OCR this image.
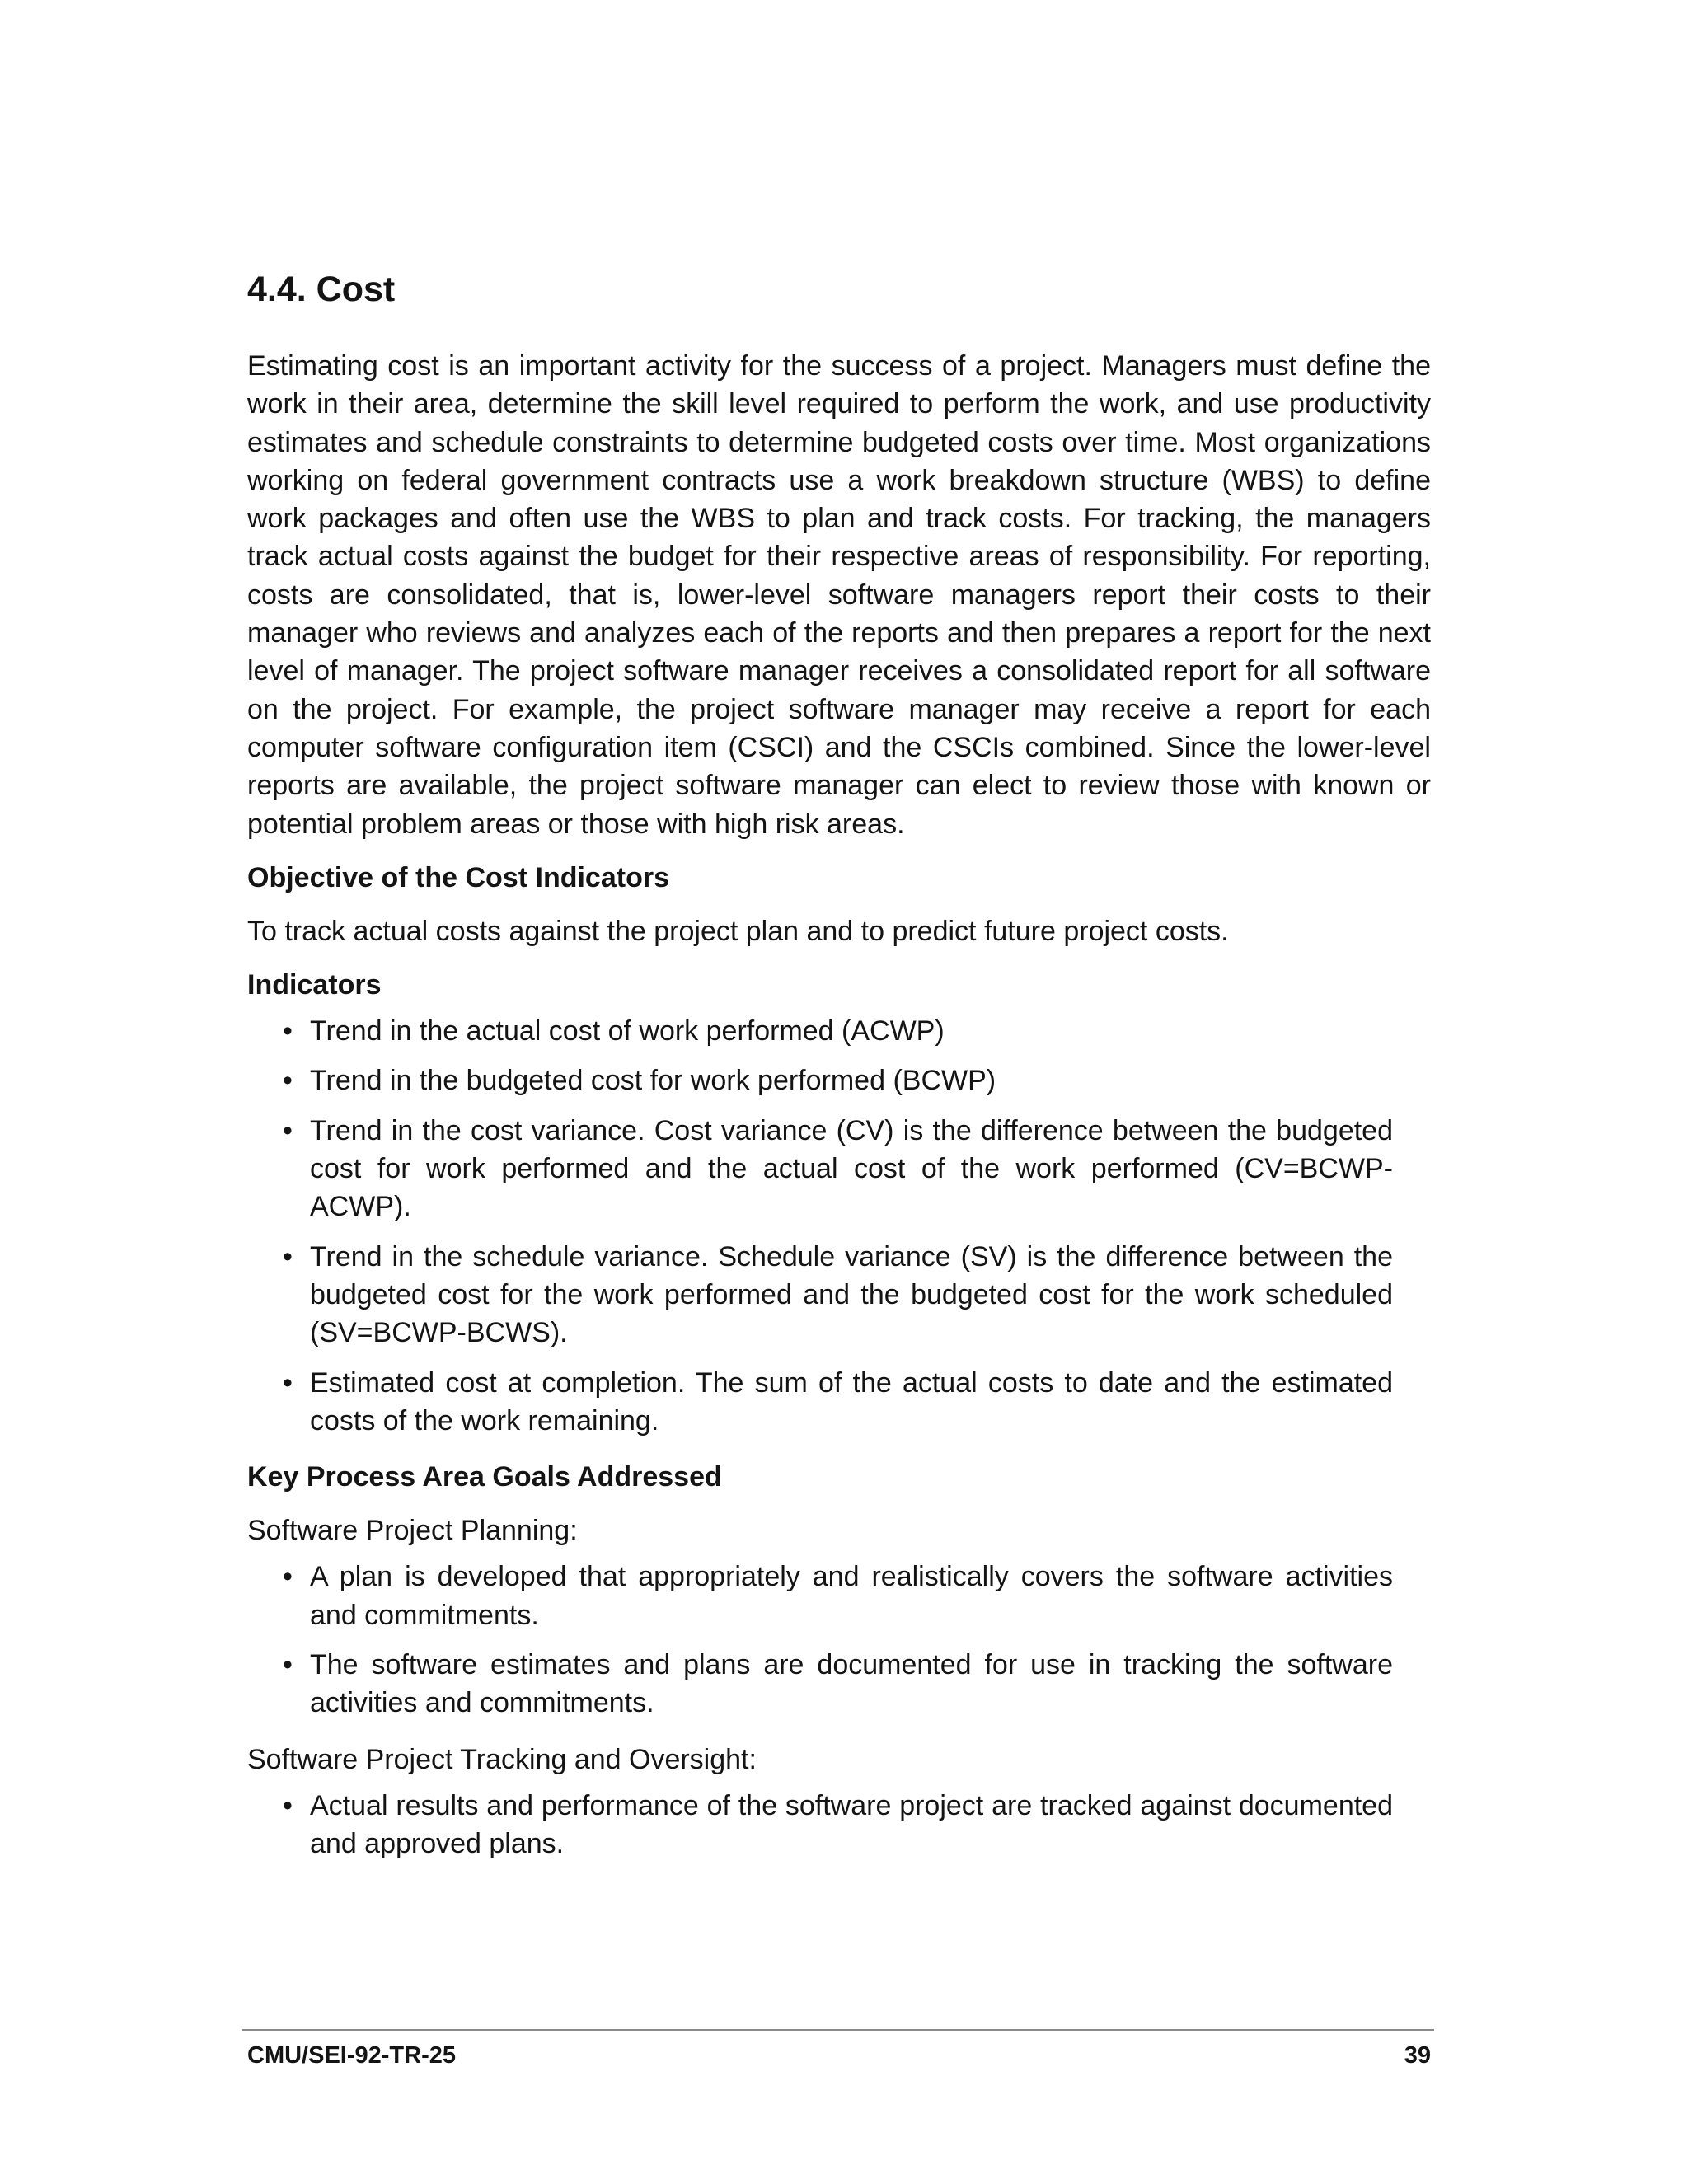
4.4. Cost

Estimating cost is an important activity for the success of a project. Managers must define the work in their area, determine the skill level required to perform the work, and use productivity estimates and schedule constraints to determine budgeted costs over time. Most organizations working on federal government contracts use a work breakdown structure (WBS) to define work packages and often use the WBS to plan and track costs. For tracking, the managers track actual costs against the budget for their respective areas of responsibility. For reporting, costs are consolidated, that is, lower-level software managers report their costs to their manager who reviews and analyzes each of the reports and then prepares a report for the next level of manager. The project software manager receives a consolidated report for all software on the project. For example, the project software manager may receive a report for each computer software configuration item (CSCI) and the CSCIs combined. Since the lower-level reports are available, the project software manager can elect to review those with known or potential problem areas or those with high risk areas.

Objective of the Cost Indicators

To track actual costs against the project plan and to predict future project costs.

Indicators
• Trend in the actual cost of work performed (ACWP)
• Trend in the budgeted cost for work performed (BCWP)
• Trend in the cost variance. Cost variance (CV) is the difference between the budgeted cost for work performed and the actual cost of the work performed (CV=BCWP-ACWP).
• Trend in the schedule variance. Schedule variance (SV) is the difference between the budgeted cost for the work performed and the budgeted cost for the work scheduled (SV=BCWP-BCWS).
• Estimated cost at completion. The sum of the actual costs to date and the estimated costs of the work remaining.
Key Process Area Goals Addressed

Software Project Planning:

• A plan is developed that appropriately and realistically covers the software activities and commitments.
• The software estimates and plans are documented for use in tracking the software activities and commitments.

Software Project Tracking and Oversight:

• Actual results and performance of the software project are tracked against documented and approved plans.
CMU/SEI-92-TR-25	39
